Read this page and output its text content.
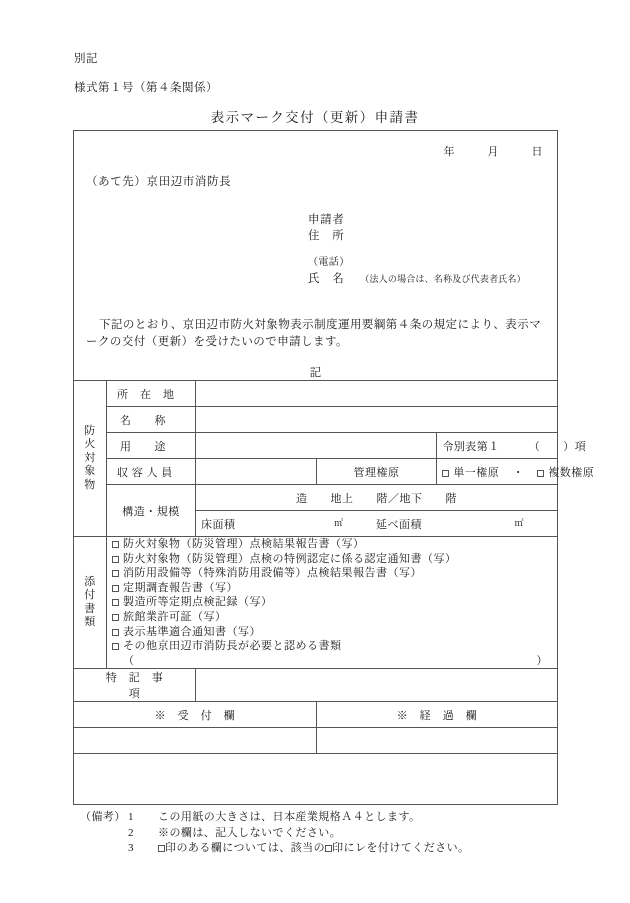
別記
様式第１号（第４条関係）
表示マーク交付（更新）申請書
年	月	日
（あて先）京田辺市消防長
申請者
住　所
（電話）
氏　名 （法人の場合は、名称及び代表者氏名）
下記のとおり、京田辺市防火対象物表示制度運用要綱第４条の規定により、表示マークの交付（更新）を受けたいので申請します。
記
防
火
対
象
物	所　在　地			
	名　　称			
	用　　途			令別表第１　　　（　　）項
	収 容 人 員		管理権原	単一権原 ・ 複数権原
	構造・規模	造　　地上　　階／地下　　階		
		床面積 ㎡ 延べ面積 ㎡		

添
付
書
類

防火対象物（防災管理）点検結果報告書（写）
防火対象物（防災管理）点検の特例認定に係る認定通知書（写）
消防用設備等（特殊消防用設備等）点検結果報告書（写）
定期調査報告書（写）
製造所等定期点検記録（写）
旅館業許可証（写）
表示基準適合通知書（写）
その他京田辺市消防長が必要と認める書類
（	）

特　記　事　項				
※　受　付　欄			※　経　過　欄	

（備考） 1 この用紙の大きさは、日本産業規格Ａ４とします。
2 ※の欄は、記入しないでください。
3	印のある欄については、該当の 印にレを付けてください。
